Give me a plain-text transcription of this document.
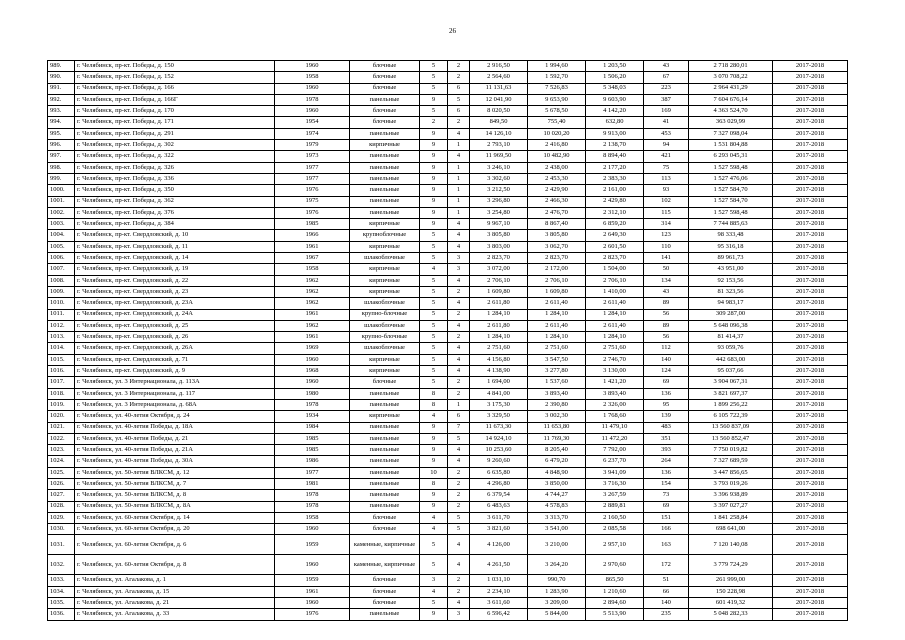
26
989.	г. Челябинск, пр-кт. Победы, д. 150	1960	блочные	5	2	2 916,50	1 994,60	1 203,50	43	2 718 280,01	2017-2018
990.	г. Челябинск, пр-кт. Победы, д. 152	1958	блочные	5	2	2 564,60	1 592,70	1 506,20	67	3 070 708,22	2017-2018
991.	г. Челябинск, пр-кт. Победы, д. 166	1960	блочные	5	6	11 131,63	7 526,83	5 348,03	223	2 964 431,29	2017-2018
992.	г. Челябинск, пр-кт. Победы, д. 166Г	1978	панельные	9	5	12 041,90	9 653,90	9 603,90	387	7 604 676,14	2017-2018
993.	г. Челябинск, пр-кт. Победы, д. 170	1960	блочные	5	6	8 020,50	5 678,50	4 142,20	169	4 363 524,70	2017-2018
994.	г. Челябинск, пр-кт. Победы, д. 171	1954	блочные	2	2	849,50	755,40	632,80	41	363 029,99	2017-2018
995.	г. Челябинск, пр-кт. Победы, д. 291	1974	панельные	9	4	14 126,10	10 020,20	9 913,00	453	7 327 098,04	2017-2018
996.	г. Челябинск, пр-кт. Победы, д. 302	1979	кирпичные	9	1	2 793,10	2 416,80	2 138,70	94	1 531 804,88	2017-2018
997.	г. Челябинск, пр-кт. Победы, д. 322	1973	панельные	9	4	11 969,50	10 482,90	8 894,40	421	6 293 045,31	2017-2018
998.	г. Челябинск, пр-кт. Победы, д. 326	1977	панельные	9	1	3 246,10	2 438,00	2 177,20	75	1 527 598,48	2017-2018
999.	г. Челябинск, пр-кт. Победы, д. 336	1977	панельные	9	1	3 302,60	2 453,30	2 383,30	113	1 527 476,06	2017-2018
1000.	г. Челябинск, пр-кт. Победы, д. 350	1976	панельные	9	1	3 212,50	2 429,90	2 161,00	93	1 527 584,70	2017-2018
1001.	г. Челябинск, пр-кт. Победы, д. 362	1975	панельные	9	1	3 296,80	2 466,30	2 429,80	102	1 527 584,70	2017-2018
1002.	г. Челябинск, пр-кт. Победы, д. 376	1976	панельные	9	1	3 254,80	2 476,70	2 312,10	115	1 527 598,48	2017-2018
1003.	г. Челябинск, пр-кт. Победы, д. 384	1985	кирпичные	9	4	9 967,10	8 867,40	6 859,20	314	7 744 885,63	2017-2018
1004.	г. Челябинск, пр-кт. Свердловский, д. 10	1966	крупноблочные	5	4	3 805,80	3 805,80	2 649,30	123	98 333,48	2017-2018
1005.	г. Челябинск, пр-кт. Свердловский, д. 11	1961	кирпичные	5	4	3 803,00	3 062,70	2 601,50	110	95 316,18	2017-2018
1006.	г. Челябинск, пр-кт. Свердловский, д. 14	1967	шлакоблочные	5	3	2 823,70	2 823,70	2 823,70	141	89 961,73	2017-2018
1007.	г. Челябинск, пр-кт. Свердловский, д. 19	1958	кирпичные	4	3	3 072,00	2 172,00	1 504,00	50	43 951,00	2017-2018
1008.	г. Челябинск, пр-кт. Свердловский, д. 22	1962	кирпичные	5	4	2 706,10	2 706,10	2 706,10	134	92 153,56	2017-2018
1009.	г. Челябинск, пр-кт. Свердловский, д. 23	1962	кирпичные	5	2	1 609,80	1 609,80	1 410,00	43	81 323,56	2017-2018
1010.	г. Челябинск, пр-кт. Свердловский, д. 23А	1962	шлакоблочные	5	4	2 611,80	2 611,40	2 611,40	89	94 983,17	2017-2018
1011.	г. Челябинск, пр-кт. Свердловский, д. 24А	1961	крупно-блочные	5	2	1 284,10	1 284,10	1 284,10	56	309 287,00	2017-2018
1012.	г. Челябинск, пр-кт. Свердловский, д. 25	1962	шлакоблочные	5	4	2 611,80	2 611,40	2 611,40	89	5 648 096,38	2017-2018
1013.	г. Челябинск, пр-кт. Свердловский, д. 26	1961	крупно-блочные	5	2	1 284,10	1 284,10	1 284,10	56	81 414,37	2017-2018
1014.	г. Челябинск, пр-кт. Свердловский, д. 26А	1969	шлакоблочные	5	4	2 751,60	2 751,60	2 751,60	112	93 059,76	2017-2018
1015.	г. Челябинск, пр-кт. Свердловский, д. 71	1960	кирпичные	5	4	4 156,80	3 547,50	2 746,70	140	442 683,00	2017-2018
1016.	г. Челябинск, пр-кт. Свердловский, д. 9	1968	кирпичные	5	4	4 138,90	3 277,80	3 130,00	124	95 037,66	2017-2018
1017.	г. Челябинск, ул. 3 Интернационала, д. 113А	1960	блочные	5	2	1 694,00	1 537,60	1 421,20	69	3 904 067,31	2017-2018
1018.	г. Челябинск, ул. 3 Интернационала, д. 117	1980	панельные	8	2	4 841,00	3 893,40	3 893,40	136	3 821 697,37	2017-2018
1019.	г. Челябинск, ул. 3 Интернационала, д. 68А	1978	панельные	8	1	3 175,30	2 390,80	2 326,00	95	1 899 256,22	2017-2018
1020.	г. Челябинск, ул. 40-летия Октября, д. 24	1934	кирпичные	4	6	3 329,50	3 002,30	1 768,60	139	6 105 722,39	2017-2018
1021.	г. Челябинск, ул. 40-летия Победы, д. 18А	1984	панельные	9	7	11 673,30	11 653,80	11 479,10	483	13 560 837,09	2017-2018
1022.	г. Челябинск, ул. 40-летия Победы, д. 21	1985	панельные	9	5	14 924,10	11 769,30	11 472,20	351	13 560 852,47	2017-2018
1023.	г. Челябинск, ул. 40-летия Победы, д. 21А	1985	панельные	9	4	10 253,60	8 205,40	7 792,00	393	7 750 019,82	2017-2018
1024.	г. Челябинск, ул. 40-летия Победы, д. 30А	1986	панельные	9	4	9 260,60	6 479,20	6 237,70	264	7 327 689,59	2017-2018
1025.	г. Челябинск, ул. 50-летия ВЛКСМ, д. 12	1977	панельные	10	2	6 635,80	4 848,90	3 941,09	136	3 447 856,65	2017-2018
1026.	г. Челябинск, ул. 50-летия ВЛКСМ, д. 7	1981	панельные	8	2	4 296,80	3 850,00	3 716,30	154	3 793 019,26	2017-2018
1027.	г. Челябинск, ул. 50-летия ВЛКСМ, д. 8	1978	панельные	9	2	6 379,54	4 744,27	3 267,59	73	3 396 938,89	2017-2018
1028.	г. Челябинск, ул. 50-летия ВЛКСМ, д. 8А	1978	панельные	9	2	6 483,63	4 578,83	2 889,81	69	3 397 027,27	2017-2018
1029.	г. Челябинск, ул. 60-летия Октября, д. 14	1958	блочные	4	5	3 611,70	3 313,70	2 160,50	151	1 841 258,84	2017-2018
1030.	г. Челябинск, ул. 60-летия Октября, д. 20	1960	блочные	4	5	3 821,60	3 541,00	2 085,58	166	698 641,00	2017-2018
1031.	г. Челябинск, ул. 60-летия Октября, д. 6	1959	каменные, кирпичные	5	4	4 126,00	3 210,00	2 957,10	163	7 120 140,08	2017-2018
1032.	г. Челябинск, ул. 60-летия Октября, д. 8	1960	каменные, кирпичные	5	4	4 261,50	3 264,20	2 970,60	172	3 779 724,29	2017-2018
1033.	г. Челябинск, ул. Агалакова, д. 1	1959	блочные	3	2	1 031,10	990,70	865,50	51	261 999,00	2017-2018
1034.	г. Челябинск, ул. Агалакова, д. 15	1961	блочные	4	2	2 234,10	1 283,90	1 210,60	66	150 228,98	2017-2018
1035.	г. Челябинск, ул. Агалакова, д. 21	1960	блочные	5	4	3 611,60	3 209,00	2 894,60	140	601 419,32	2017-2018
1036.	г. Челябинск, ул. Агалакова, д. 33	1976	панельные	9	3	6 596,42	5 844,00	5 513,90	235	5 048 282,33	2017-2018
